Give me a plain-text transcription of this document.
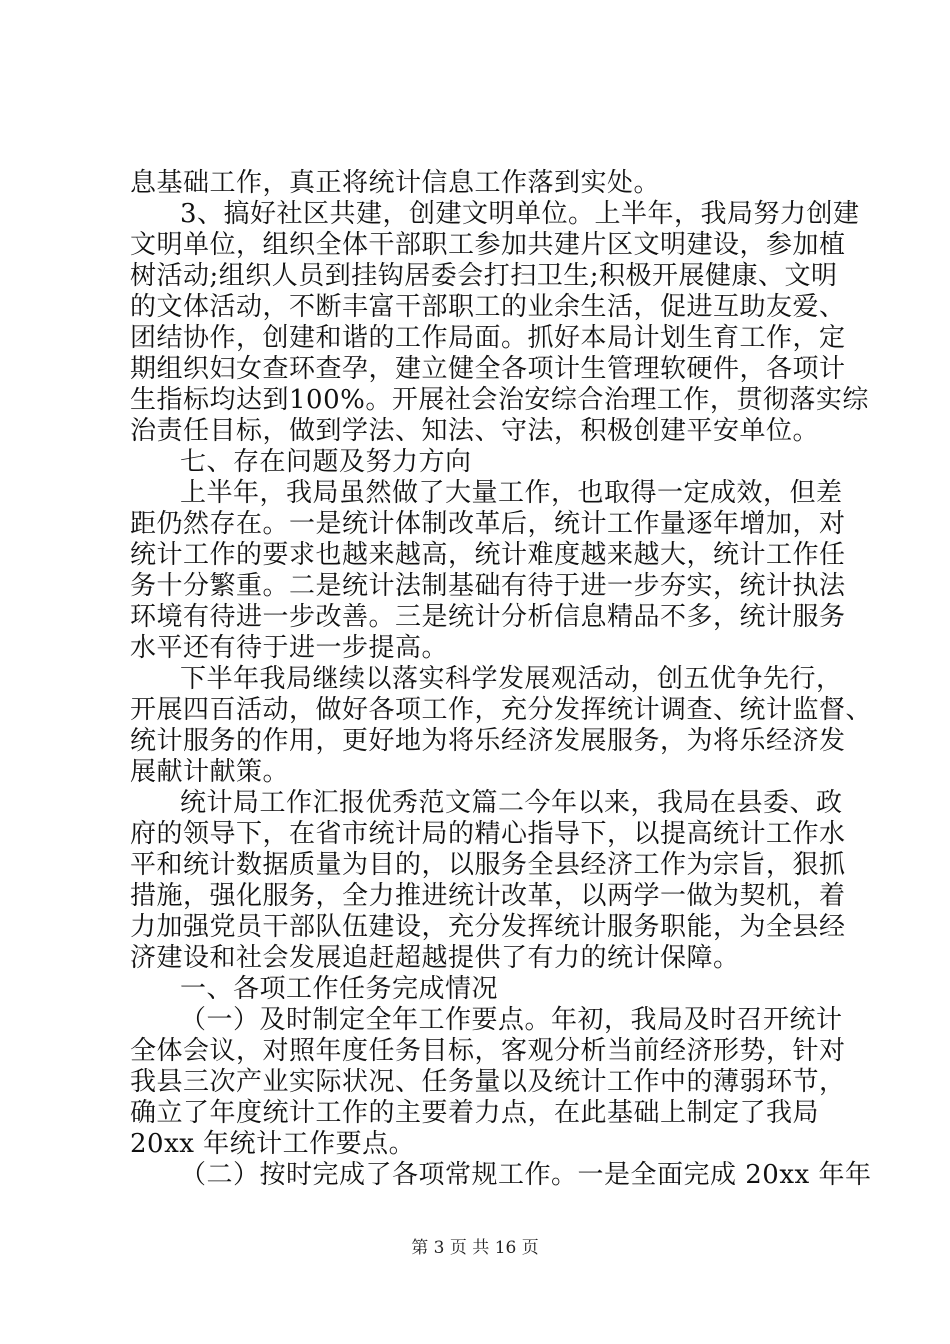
息基础工作，真正将统计信息工作落到实处。
3、搞好社区共建，创建文明单位。上半年，我局努力创建
文明单位，组织全体干部职工参加共建片区文明建设，参加植
树活动;组织人员到挂钩居委会打扫卫生;积极开展健康、文明
的文体活动，不断丰富干部职工的业余生活，促进互助友爱、
团结协作，创建和谐的工作局面。抓好本局计划生育工作，定
期组织妇女查环查孕，建立健全各项计生管理软硬件，各项计
生指标均达到100%。开展社会治安综合治理工作，贯彻落实综
治责任目标，做到学法、知法、守法，积极创建平安单位。
七、存在问题及努力方向
上半年，我局虽然做了大量工作，也取得一定成效，但差
距仍然存在。一是统计体制改革后，统计工作量逐年增加，对
统计工作的要求也越来越高，统计难度越来越大，统计工作任
务十分繁重。二是统计法制基础有待于进一步夯实，统计执法
环境有待进一步改善。三是统计分析信息精品不多，统计服务
水平还有待于进一步提高。
下半年我局继续以落实科学发展观活动，创五优争先行，
开展四百活动，做好各项工作，充分发挥统计调查、统计监督、
统计服务的作用，更好地为将乐经济发展服务，为将乐经济发
展献计献策。
统计局工作汇报优秀范文篇二今年以来，我局在县委、政
府的领导下，在省市统计局的精心指导下，以提高统计工作水
平和统计数据质量为目的，以服务全县经济工作为宗旨，狠抓
措施，强化服务，全力推进统计改革，以两学一做为契机，着
力加强党员干部队伍建设，充分发挥统计服务职能，为全县经
济建设和社会发展追赶超越提供了有力的统计保障。
一、各项工作任务完成情况
（一）及时制定全年工作要点。年初，我局及时召开统计
全体会议，对照年度任务目标，客观分析当前经济形势，针对
我县三次产业实际状况、任务量以及统计工作中的薄弱环节，
确立了年度统计工作的主要着力点，在此基础上制定了我局
20xx 年统计工作要点。
（二）按时完成了各项常规工作。一是全面完成 20xx 年年
第 3 页 共 16 页
